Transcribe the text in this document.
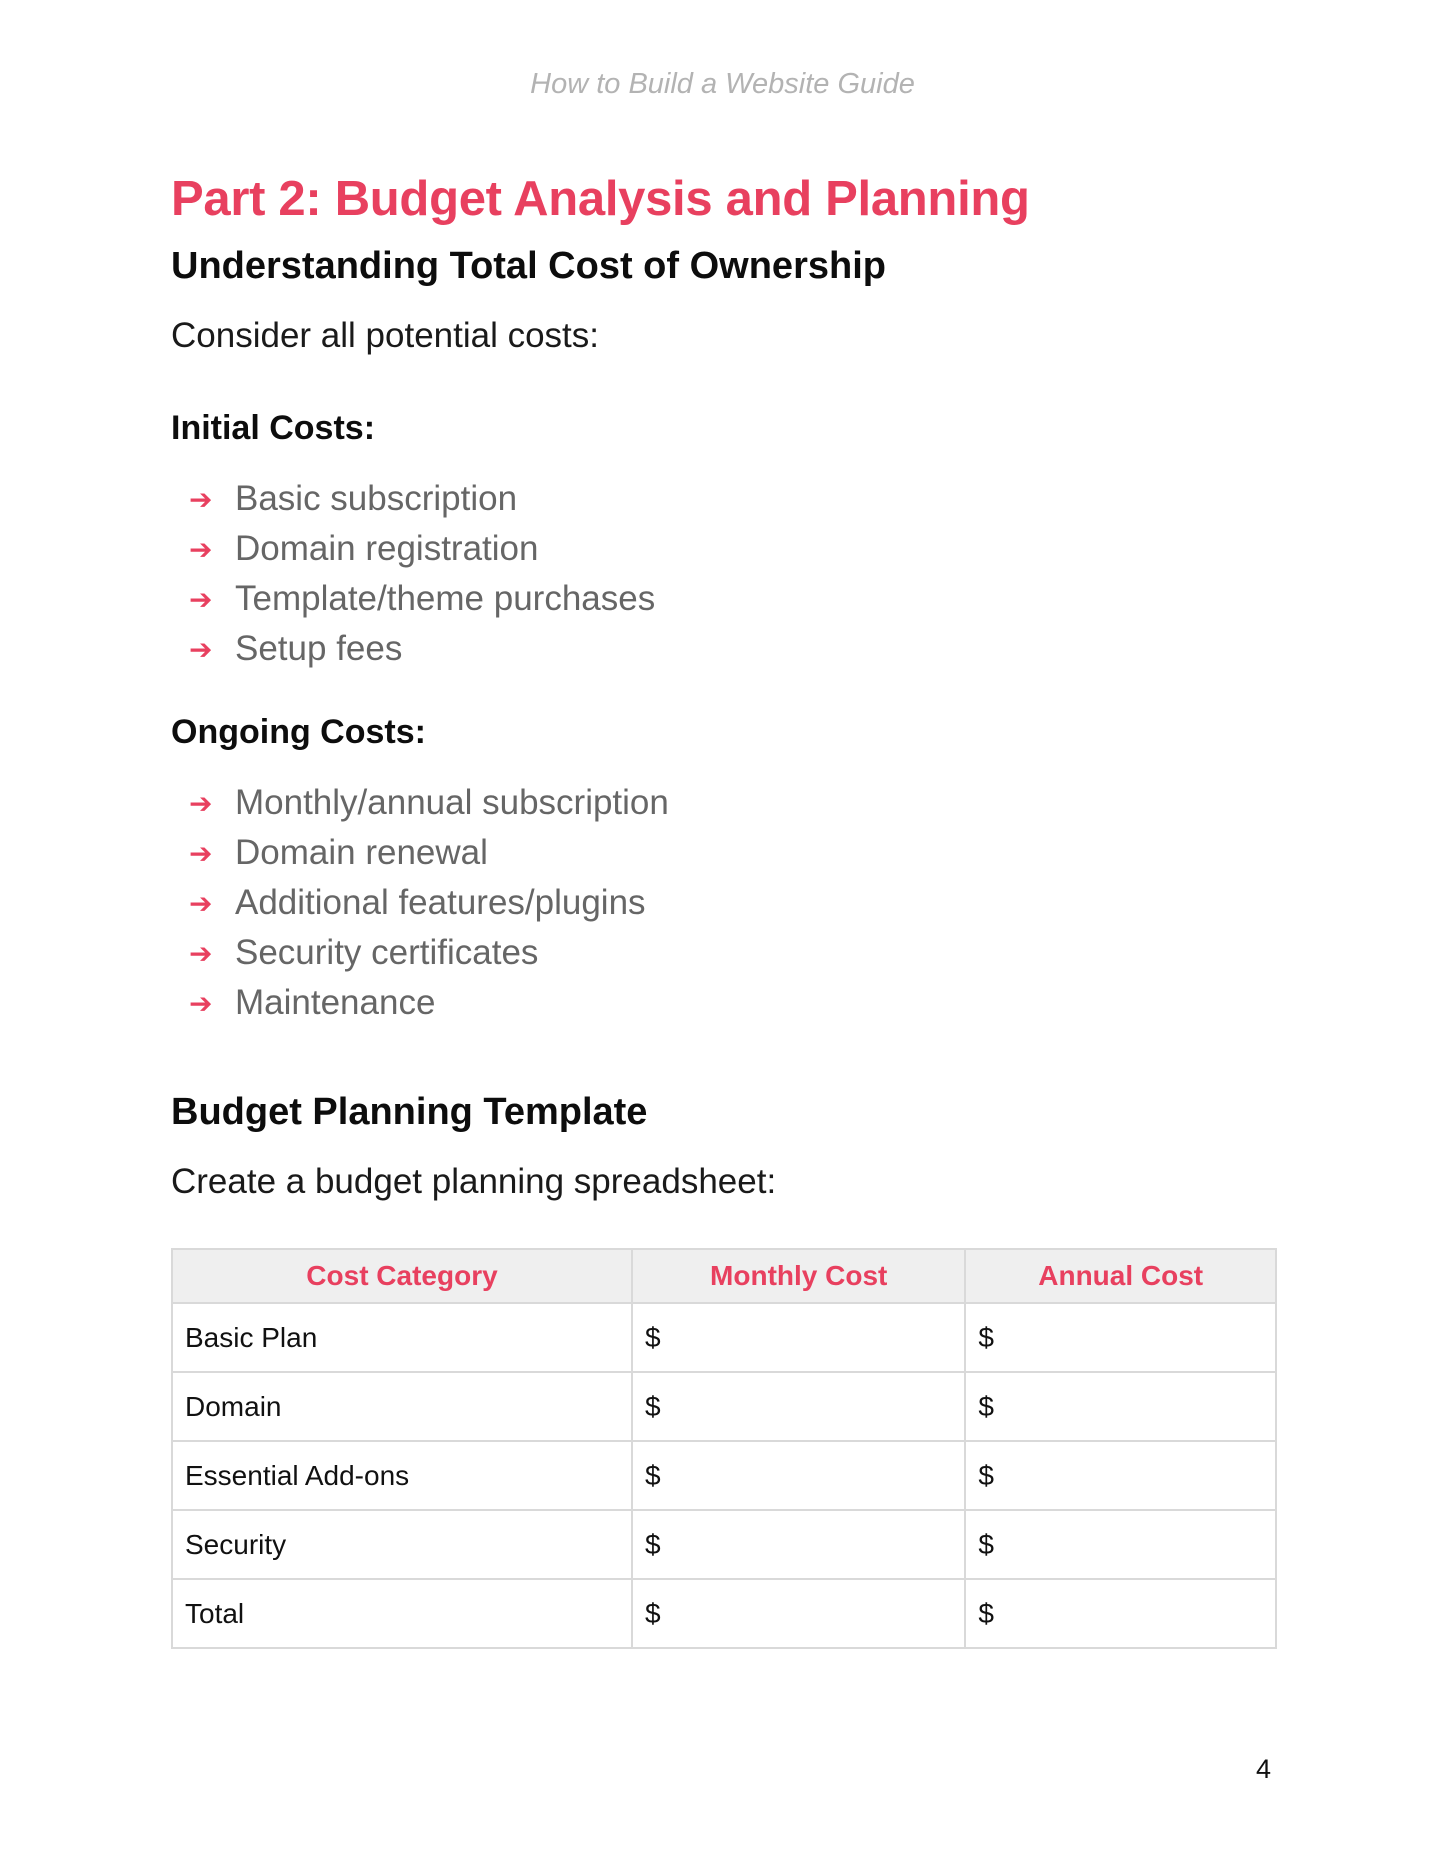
How to Build a Website Guide
Part 2: Budget Analysis and Planning
Understanding Total Cost of Ownership

Consider all potential costs:

Initial Costs:
➔ Basic subscription
➔ Domain registration
➔ Template/theme purchases
➔ Setup fees
Ongoing Costs:
➔ Monthly/annual subscription
➔ Domain renewal
➔ Additional features/plugins
➔ Security certificates
➔ Maintenance
Budget Planning Template

Create a budget planning spreadsheet:

Cost Category	Monthly Cost	Annual Cost
Basic Plan	$	$
Domain	$	$
Essential Add-ons	$	$
Security	$	$
Total	$	$
4
